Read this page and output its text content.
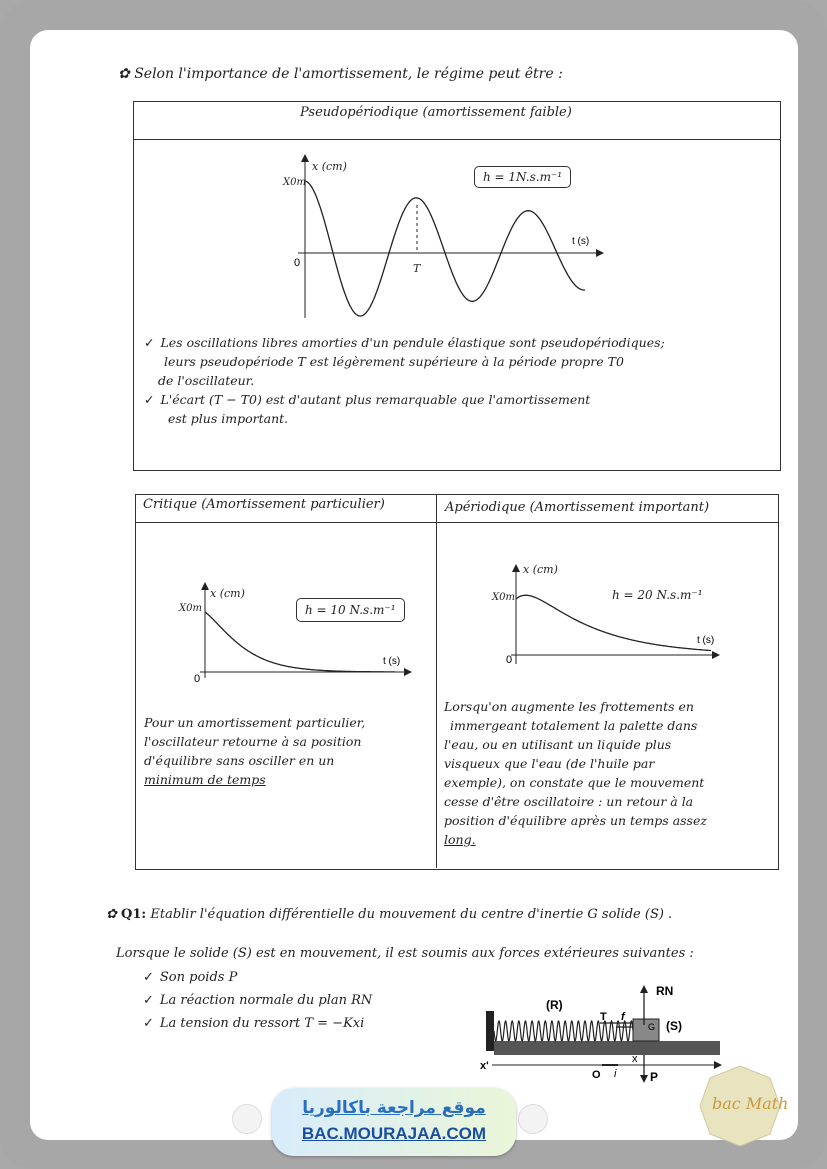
✿ Selon l'importance de l'amortissement, le régime peut être :
Pseudopériodique (amortissement faible)
x (cm)
X0m
t (s)
0	T
h = 1N.s.m⁻¹
✓ Les oscillations libres amorties d'un pendule élastique sont pseudopériodiques;
leurs pseudopériode T est légèrement supérieure à la période propre T0
de l'oscillateur.
✓ L'écart (T − T0) est d'autant plus remarquable que l'amortissement
est plus important.
Critique (Amortissement particulier)	Apériodique (Amortissement important)
x (cm)
X0m
t (s)
0
h = 10 N.s.m⁻¹
Pour un amortissement particulier,
l'oscillateur retourne à sa position
d'équilibre sans osciller en un
minimum de temps
x (cm)
X0m
t (s)
0
h = 20 N.s.m⁻¹
Lorsqu'on augmente les frottements en
immergeant totalement la palette dans
l'eau, ou en utilisant un liquide plus
visqueux que l'eau (de l'huile par
exemple), on constate que le mouvement
cesse d'être oscillatoire : un retour à la
position d'équilibre après un temps assez
long.
✿ Q1: Etablir l'équation différentielle du mouvement du centre d'inertie G solide (S) .
Lorsque le solide (S) est en mouvement, il est soumis aux forces extérieures suivantes :
✓ Son poids P
✓ La réaction normale du plan RN
✓ La tension du ressort T = −Kxi
(R)
(S)
G
T f
RN
P
x
x'
O i
موقع مراجعة باكالوريا
BAC.MOURAJAA.COM
bac Math
